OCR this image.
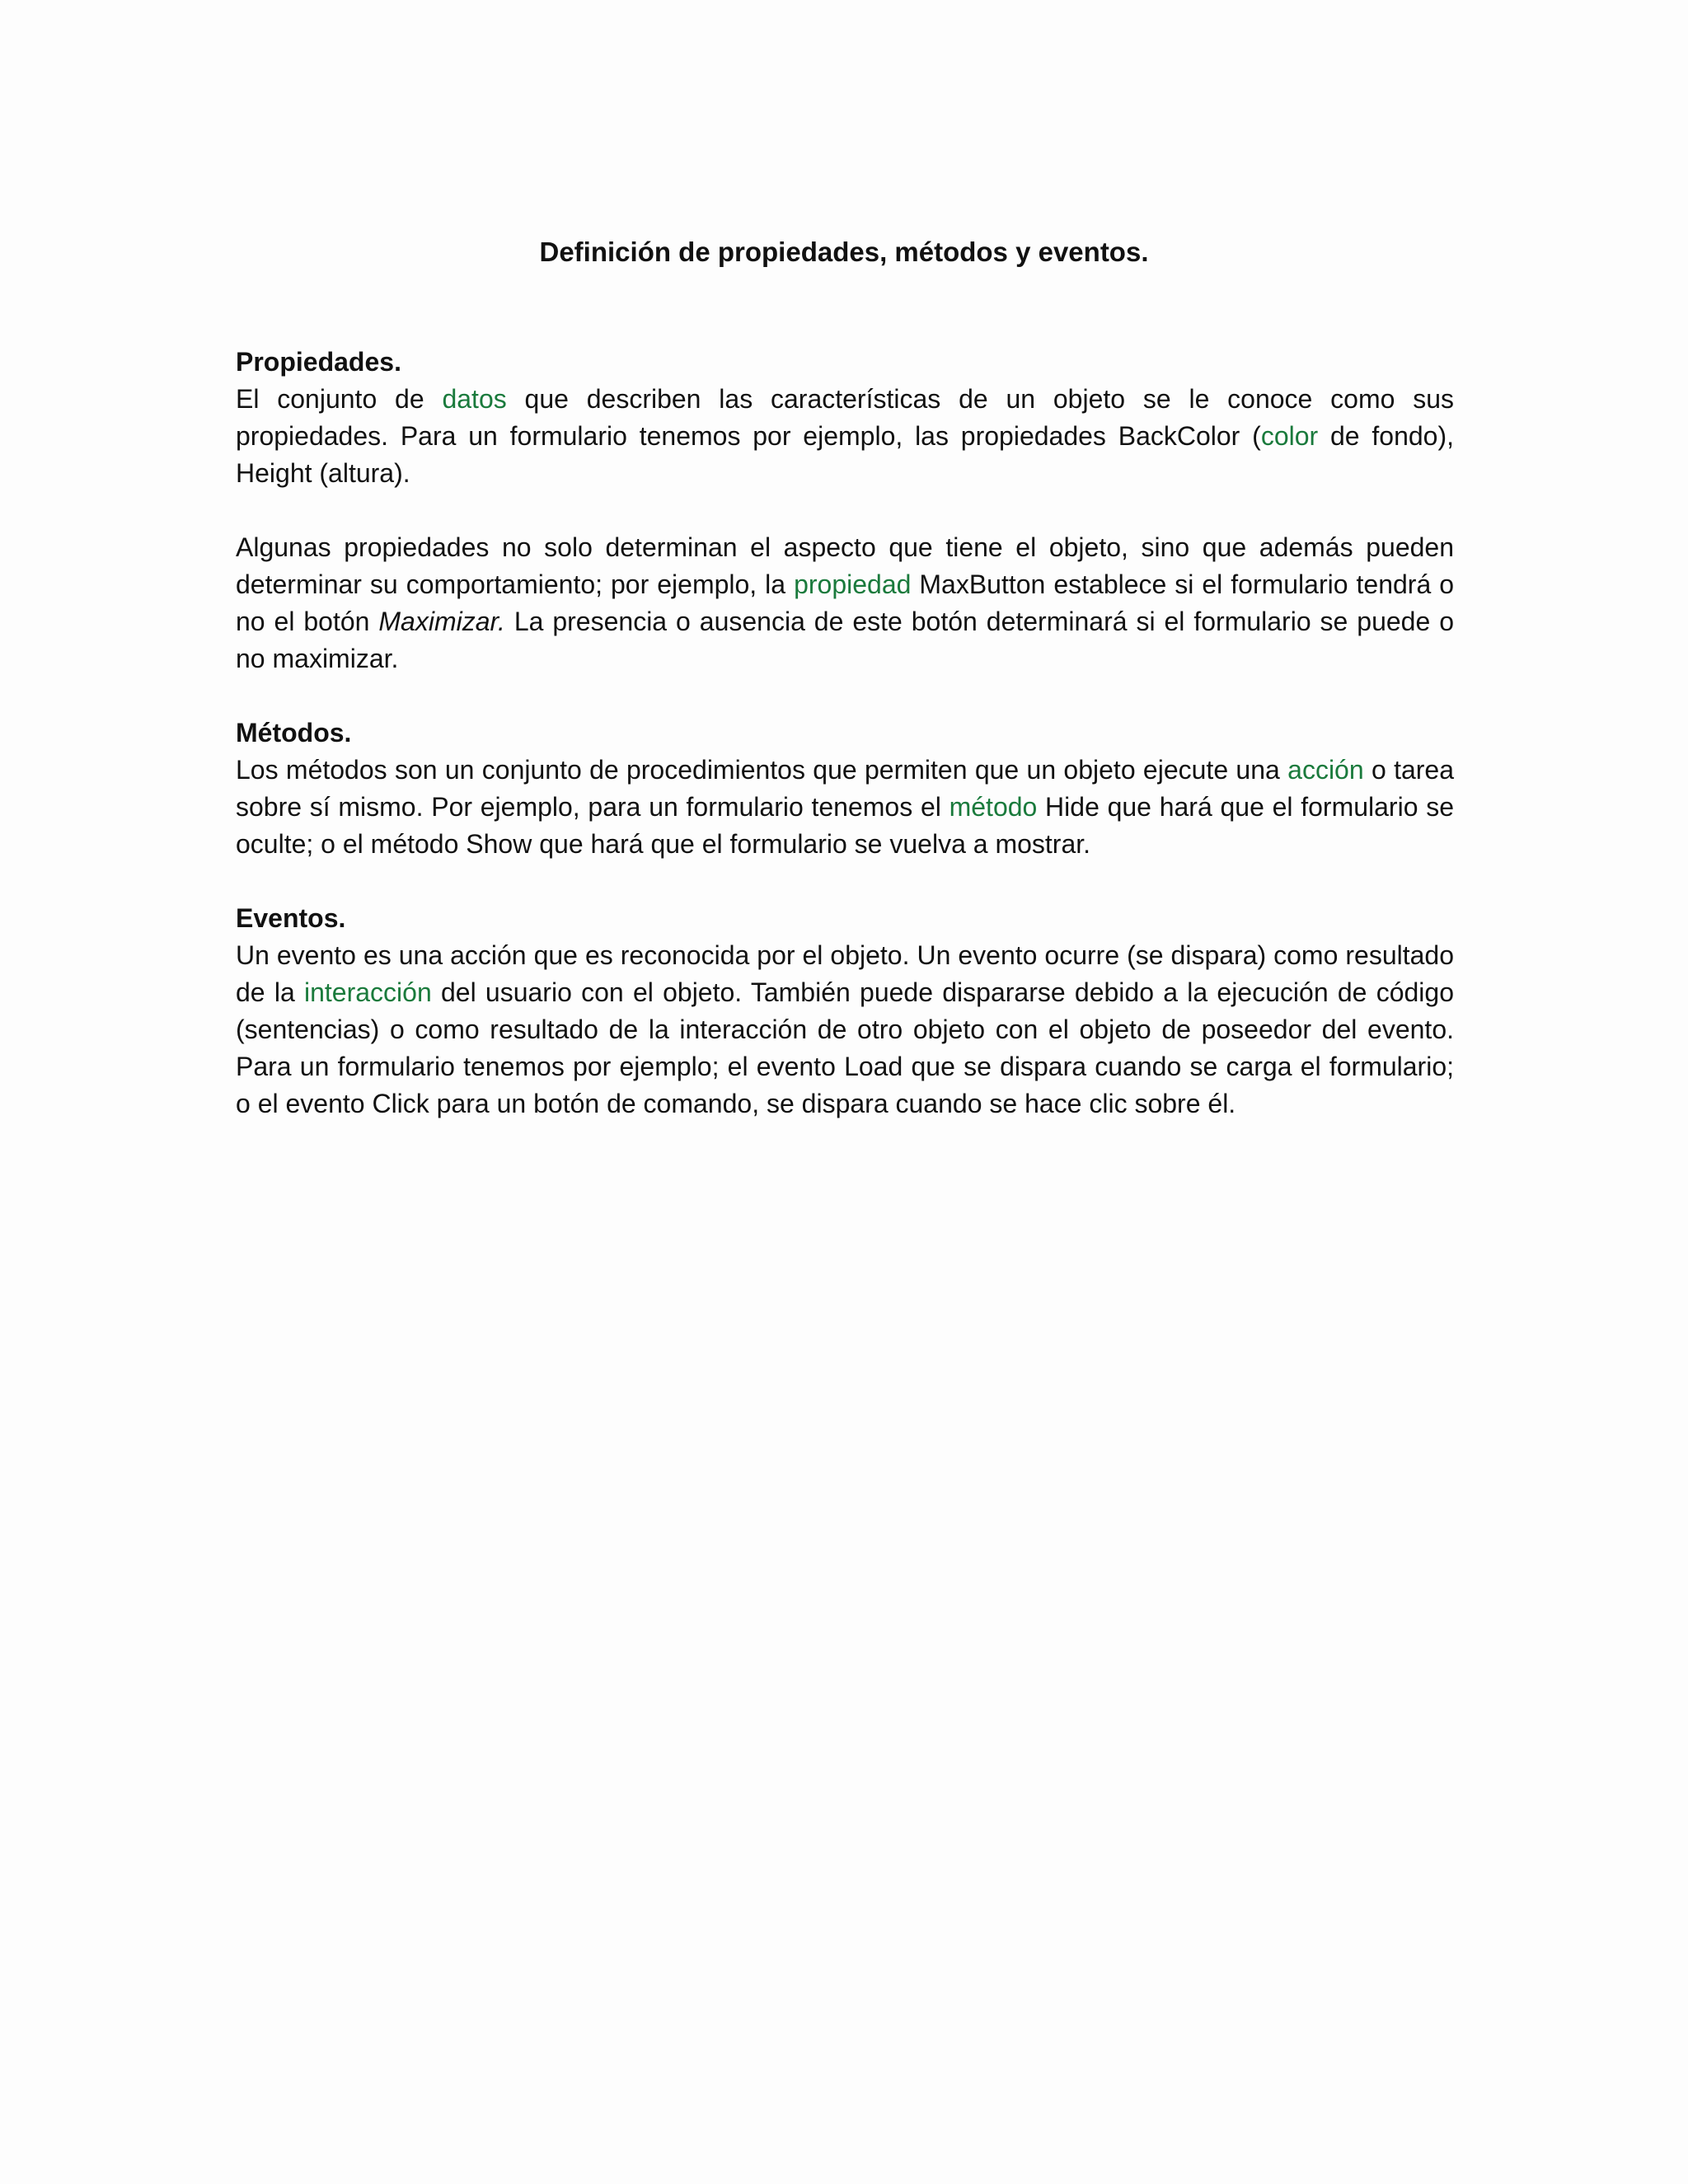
Definición de propiedades, métodos y eventos.

Propiedades.

El conjunto de datos que describen las características de un objeto se le conoce como sus propiedades. Para un formulario tenemos por ejemplo, las propiedades BackColor (color de fondo), Height (altura).

Algunas propiedades no solo determinan el aspecto que tiene el objeto, sino que además pueden determinar su comportamiento; por ejemplo, la propiedad MaxButton establece si el formulario tendrá o no el botón Maximizar. La presencia o ausencia de este botón determinará si el formulario se puede o no maximizar.

Métodos.

Los métodos son un conjunto de procedimientos que permiten que un objeto ejecute una acción o tarea sobre sí mismo. Por ejemplo, para un formulario tenemos el método Hide que hará que el formulario se oculte; o el método Show que hará que el formulario se vuelva a mostrar.

Eventos.

Un evento es una acción que es reconocida por el objeto. Un evento ocurre (se dispara) como resultado de la interacción del usuario con el objeto. También puede dispararse debido a la ejecución de código (sentencias) o como resultado de la interacción de otro objeto con el objeto de poseedor del evento. Para un formulario tenemos por ejemplo; el evento Load que se dispara cuando se carga el formulario; o el evento Click para un botón de comando, se dispara cuando se hace clic sobre él.
